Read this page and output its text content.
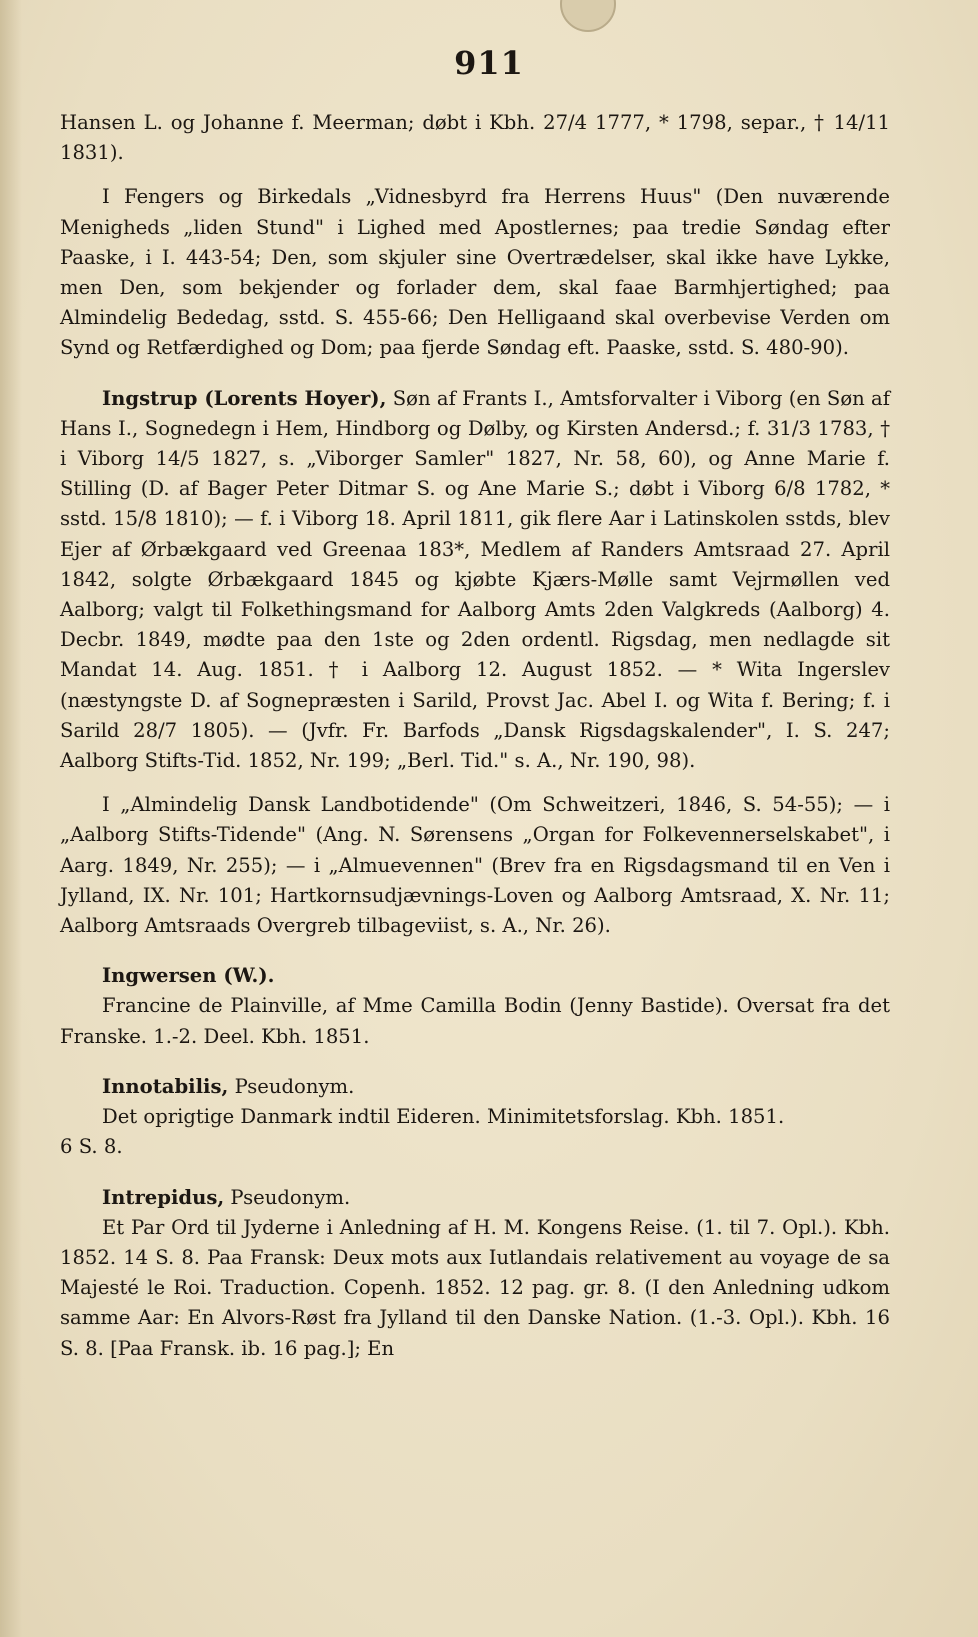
911

Hansen L. og Johanne f. Meerman; døbt i Kbh. 27/4 1777, * 1798, separ., † 14/11 1831).

I Fengers og Birkedals „Vidnesbyrd fra Herrens Huus" (Den nuværende Menigheds „liden Stund" i Lighed med Apostlernes; paa tredie Søndag efter Paaske, i I. 443-54; Den, som skjuler sine Overtrædelser, skal ikke have Lykke, men Den, som bekjender og forlader dem, skal faae Barmhjertighed; paa Almindelig Bededag, sstd. S. 455-66; Den Helligaand skal overbevise Verden om Synd og Retfærdighed og Dom; paa fjerde Søndag eft. Paaske, sstd. S. 480-90).

Ingstrup (Lorents Hoyer), Søn af Frants I., Amtsforvalter i Viborg (en Søn af Hans I., Sognedegn i Hem, Hindborg og Dølby, og Kirsten Andersd.; f. 31/3 1783, † i Viborg 14/5 1827, s. „Viborger Samler" 1827, Nr. 58, 60), og Anne Marie f. Stilling (D. af Bager Peter Ditmar S. og Ane Marie S.; døbt i Viborg 6/8 1782, * sstd. 15/8 1810); — f. i Viborg 18. April 1811, gik flere Aar i Latinskolen sstds, blev Ejer af Ørbækgaard ved Greenaa 183*, Medlem af Randers Amtsraad 27. April 1842, solgte Ørbækgaard 1845 og kjøbte Kjærs-Mølle samt Vejrmøllen ved Aalborg; valgt til Folkethingsmand for Aalborg Amts 2den Valgkreds (Aalborg) 4. Decbr. 1849, mødte paa den 1ste og 2den ordentl. Rigsdag, men nedlagde sit Mandat 14. Aug. 1851. † i Aalborg 12. August 1852. — * Wita Ingerslev (næstyngste D. af Sognepræsten i Sarild, Provst Jac. Abel I. og Wita f. Bering; f. i Sarild 28/7 1805). — (Jvfr. Fr. Barfods „Dansk Rigsdagskalender", I. S. 247; Aalborg Stifts-Tid. 1852, Nr. 199; „Berl. Tid." s. A., Nr. 190, 98).

I „Almindelig Dansk Landbotidende" (Om Schweitzeri, 1846, S. 54-55); — i „Aalborg Stifts-Tidende" (Ang. N. Sørensens „Organ for Folkevennerselskabet", i Aarg. 1849, Nr. 255); — i „Almuevennen" (Brev fra en Rigsdagsmand til en Ven i Jylland, IX. Nr. 101; Hartkornsudjævnings-Loven og Aalborg Amtsraad, X. Nr. 11; Aalborg Amtsraads Overgreb tilbageviist, s. A., Nr. 26).

Ingwersen (W.).

Francine de Plainville, af Mme Camilla Bodin (Jenny Bastide). Oversat fra det Franske. 1.-2. Deel. Kbh. 1851.

Innotabilis, Pseudonym.

Det oprigtige Danmark indtil Eideren. Minimitetsforslag. Kbh. 1851.

6 S. 8.

Intrepidus, Pseudonym.

Et Par Ord til Jyderne i Anledning af H. M. Kongens Reise. (1. til 7. Opl.). Kbh. 1852. 14 S. 8. Paa Fransk: Deux mots aux Iutlandais relativement au voyage de sa Majesté le Roi. Traduction. Copenh. 1852. 12 pag. gr. 8. (I den Anledning udkom samme Aar: En Alvors-Røst fra Jylland til den Danske Nation. (1.-3. Opl.). Kbh. 16 S. 8. [Paa Fransk. ib. 16 pag.]; En
